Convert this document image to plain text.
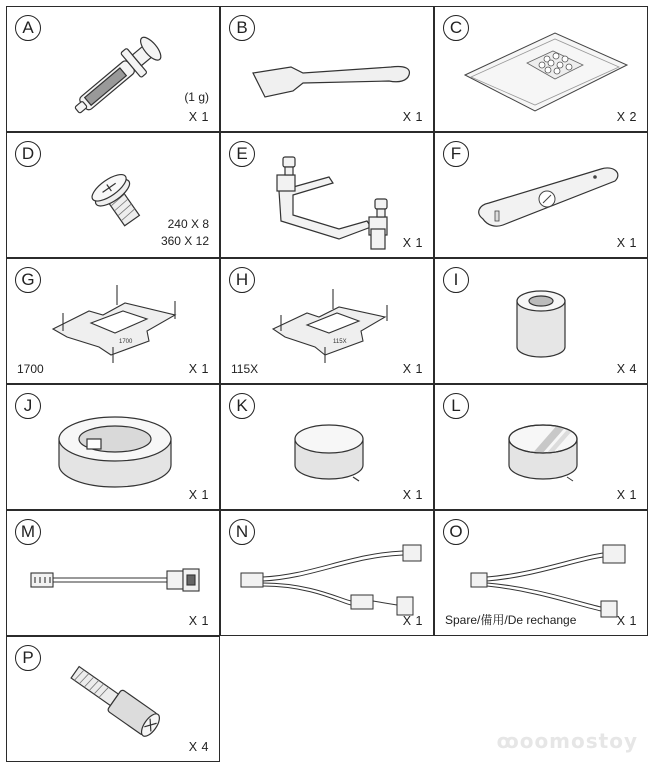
A
(1 g)
X 1
B
X 1
C
X 2
D
240 X 8
360 X 12
E
X 1
F
X 1
1700
G
1700	X 1
115X
H
115X	X 1
I
X 4
J
X 1
K
X 1
L
X 1
M
X 1
N
X 1
O
Spare/備用/De rechange	X 1
P
X 4	ꝏoomostoy
